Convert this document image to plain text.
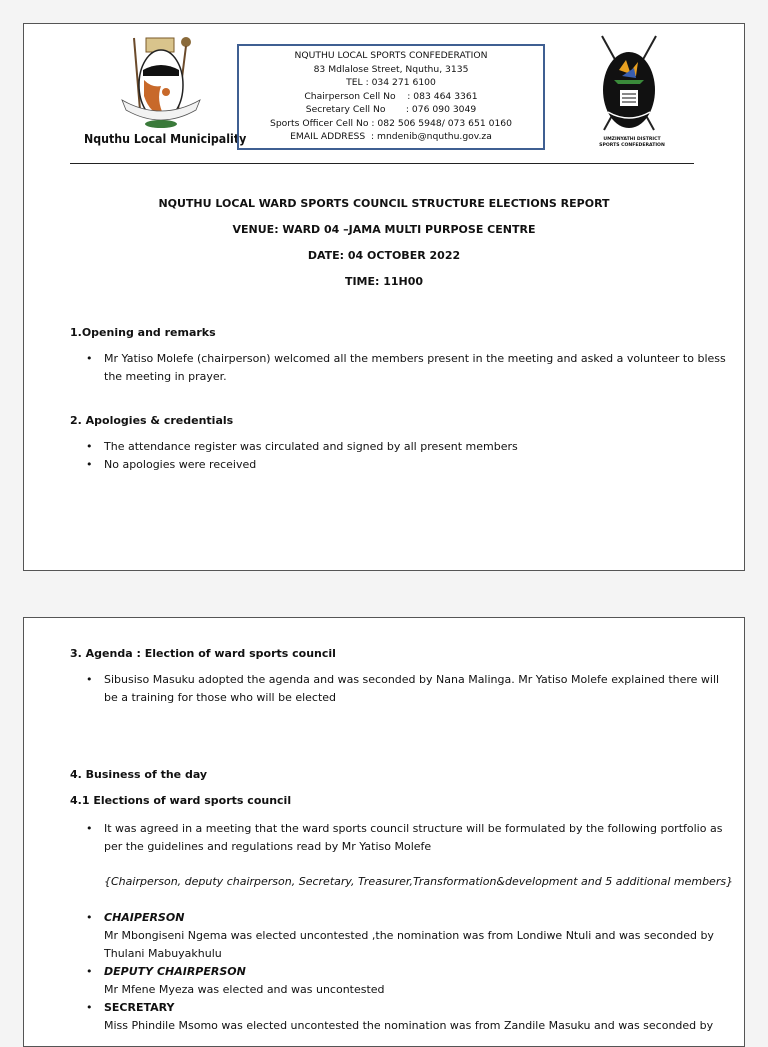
Nquthu Local Municipality
NQUTHU LOCAL SPORTS CONFEDERATION
83 Mdlalose Street, Nquthu, 3135
TEL : 034 271 6100
Chairperson Cell No    : 083 464 3361
Secretary Cell No       : 076 090 3049
Sports Officer Cell No : 082 506 5948/ 073 651 0160
EMAIL ADDRESS  : mndenib@nquthu.gov.za	UMZINYATHI DISTRICT
SPORTS CONFEDERATION
NQUTHU LOCAL WARD SPORTS COUNCIL STRUCTURE ELECTIONS REPORT
VENUE: WARD 04 –JAMA MULTI PURPOSE CENTRE
DATE: 04 OCTOBER 2022
TIME: 11H00
1.Opening and remarks
• Mr Yatiso Molefe (chairperson) welcomed all the members present in the meeting and asked a volunteer to bless the meeting in prayer.
2. Apologies & credentials
• The attendance register was circulated and signed by all present members
• No apologies were received
3. Agenda : Election of ward sports council
• Sibusiso Masuku adopted the agenda and was seconded by Nana Malinga. Mr Yatiso Molefe explained there will be a training for those who will be elected
4. Business of the day
4.1 Elections of ward sports council
• It was agreed in a meeting that the ward sports council structure will be formulated by the following portfolio as per the guidelines and regulations read by Mr Yatiso Molefe
{Chairperson, deputy chairperson, Secretary, Treasurer,Transformation&development and 5 additional members}
• CHAIPERSON
Mr Mbongiseni Ngema was elected uncontested ,the nomination was from Londiwe Ntuli and was seconded by Thulani Mabuyakhulu
• DEPUTY CHAIRPERSON
Mr Mfene Myeza was elected and was uncontested
• SECRETARY
Miss Phindile Msomo was elected uncontested the nomination was from Zandile Masuku and was seconded by
